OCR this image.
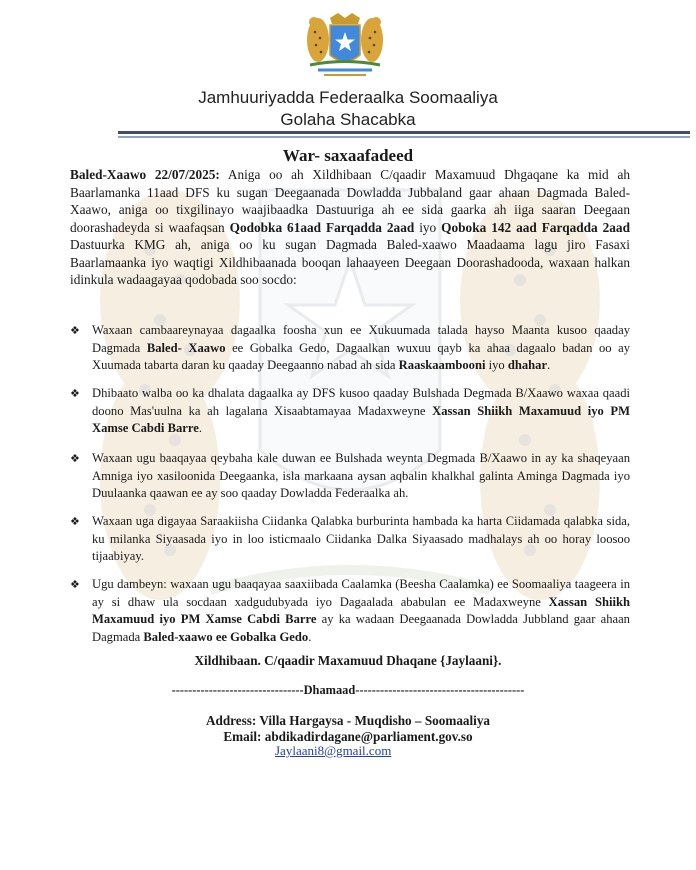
Jamhuuriyadda Federaalka Soomaaliya
Golaha Shacabka
War- saxaafadeed
Baled-Xaawo 22/07/2025: Aniga oo ah Xildhibaan C/qaadir Maxamuud Dhgaqane ka mid ah Baarlamanka 11aad DFS ku sugan Deegaanada Dowladda Jubbaland gaar ahaan Dagmada Baled-Xaawo, aniga oo tixgilinayo waajibaadka Dastuuriga ah ee sida gaarka ah iiga saaran Deegaan doorashadeyda si waafaqsan Qodobka 61aad Farqadda 2aad iyo Qoboka 142 aad Farqadda 2aad Dastuurka KMG ah, aniga oo ku sugan Dagmada Baled-xaawo Maadaama lagu jiro Fasaxi Baarlamaanka iyo waqtigi Xildhibaanada booqan lahaayeen Deegaan Doorashadooda, waxaan halkan idinkula wadaagayaa qodobada soo socdo:
❖ Waxaan cambaareynayaa dagaalka foosha xun ee Xukuumada talada hayso Maanta kusoo qaaday Dagmada Baled- Xaawo ee Gobalka Gedo, Dagaalkan wuxuu qayb ka ahaa dagaalo badan oo ay Xuumada tabarta daran ku qaaday Deegaanno nabad ah sida Raaskaambooni iyo dhahar.
❖ Dhibaato walba oo ka dhalata dagaalka ay DFS kusoo qaaday Bulshada Degmada B/Xaawo waxaa qaadi doono Mas'uulna ka ah lagalana Xisaabtamayaa Madaxweyne Xassan Shiikh Maxamuud iyo PM Xamse Cabdi Barre.
❖ Waxaan ugu baaqayaa qeybaha kale duwan ee Bulshada weynta Degmada B/Xaawo in ay ka shaqeyaan Amniga iyo xasiloonida Deegaanka, isla markaana aysan aqbalin khalkhal galinta Aminga Dagmada iyo Duulaanka qaawan ee ay soo qaaday Dowladda Federaalka ah.
❖ Waxaan uga digayaa Saraakiisha Ciidanka Qalabka burburinta hambada ka harta Ciidamada qalabka sida, ku milanka Siyaasada iyo in loo isticmaalo Ciidanka Dalka Siyaasado madhalays ah oo horay loosoo tijaabiyay.
❖ Ugu dambeyn: waxaan ugu baaqayaa saaxiibada Caalamka (Beesha Caalamka) ee Soomaaliya taageera in ay si dhaw ula socdaan xadgudubyada iyo Dagaalada ababulan ee Madaxweyne Xassan Shiikh Maxamuud iyo PM Xamse Cabdi Barre ay ka wadaan Deegaanada Dowladda Jubbland gaar ahaan Dagmada Baled-xaawo ee Gobalka Gedo.
Xildhibaan. C/qaadir Maxamuud Dhaqane {Jaylaani}.
--------------------------------Dhamaad-----------------------------------------
Address: Villa Hargaysa - Muqdisho – Soomaaliya
Email: abdikadirdagane@parliament.gov.so
Jaylaani8@gmail.com
